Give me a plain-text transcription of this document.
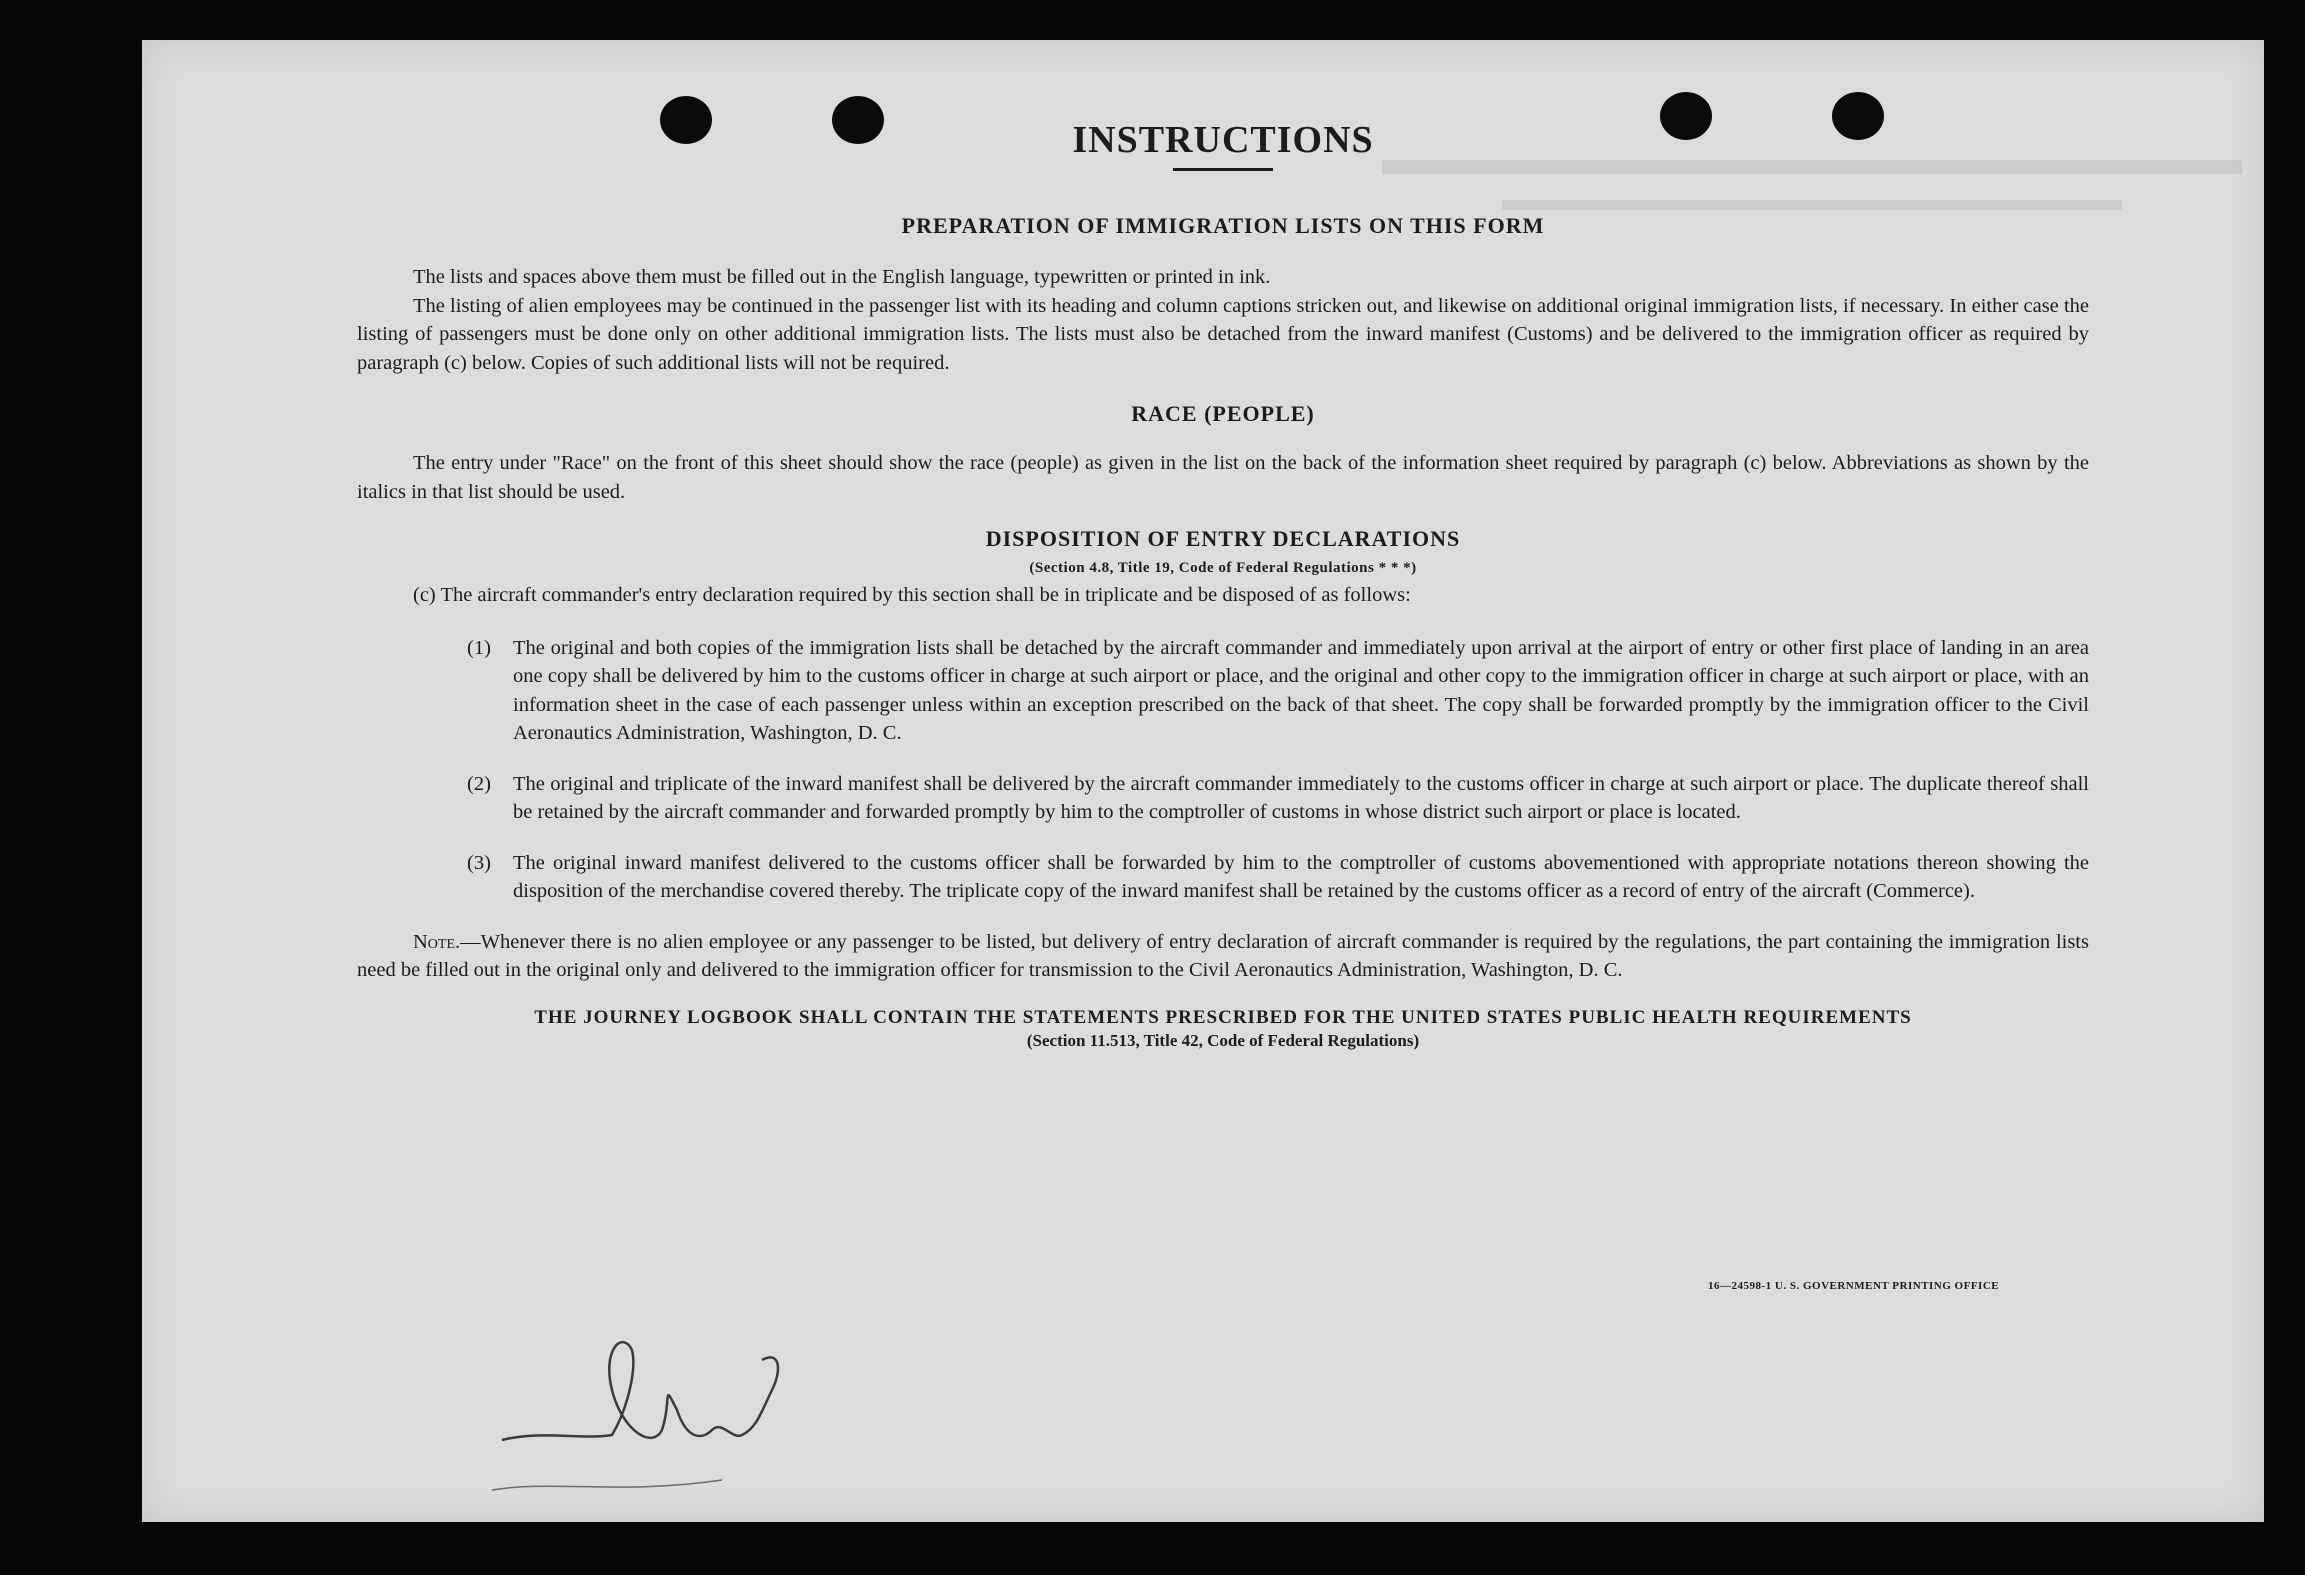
INSTRUCTIONS
PREPARATION OF IMMIGRATION LISTS ON THIS FORM

The lists and spaces above them must be filled out in the English language, typewritten or printed in ink.

The listing of alien employees may be continued in the passenger list with its heading and column captions stricken out, and likewise on additional original immigration lists, if necessary. In either case the listing of passengers must be done only on other additional immigration lists. The lists must also be detached from the inward manifest (Customs) and be delivered to the immigration officer as required by paragraph (c) below. Copies of such additional lists will not be required.

RACE (PEOPLE)

The entry under "Race" on the front of this sheet should show the race (people) as given in the list on the back of the information sheet required by paragraph (c) below. Abbreviations as shown by the italics in that list should be used.

DISPOSITION OF ENTRY DECLARATIONS
(Section 4.8, Title 19, Code of Federal Regulations * * *)

(c) The aircraft commander's entry declaration required by this section shall be in triplicate and be disposed of as follows:

(1)	The original and both copies of the immigration lists shall be detached by the aircraft commander and immediately upon arrival at the airport of entry or other first place of landing in an area one copy shall be delivered by him to the customs officer in charge at such airport or place, and the original and other copy to the immigration officer in charge at such airport or place, with an information sheet in the case of each passenger unless within an exception prescribed on the back of that sheet. The copy shall be forwarded promptly by the immigration officer to the Civil Aeronautics Administration, Washington, D. C.
(2)	The original and triplicate of the inward manifest shall be delivered by the aircraft commander immediately to the customs officer in charge at such airport or place. The duplicate thereof shall be retained by the aircraft commander and forwarded promptly by him to the comptroller of customs in whose district such airport or place is located.
(3)	The original inward manifest delivered to the customs officer shall be forwarded by him to the comptroller of customs abovementioned with appropriate notations thereon showing the disposition of the merchandise covered thereby. The triplicate copy of the inward manifest shall be retained by the customs officer as a record of entry of the aircraft (Commerce).

Note.—Whenever there is no alien employee or any passenger to be listed, but delivery of entry declaration of aircraft commander is required by the regulations, the part containing the immigration lists need be filled out in the original only and delivered to the immigration officer for transmission to the Civil Aeronautics Administration, Washington, D. C.

THE JOURNEY LOGBOOK SHALL CONTAIN THE STATEMENTS PRESCRIBED FOR THE UNITED STATES PUBLIC HEALTH REQUIREMENTS
(Section 11.513, Title 42, Code of Federal Regulations)
16—24598-1 U. S. GOVERNMENT PRINTING OFFICE
